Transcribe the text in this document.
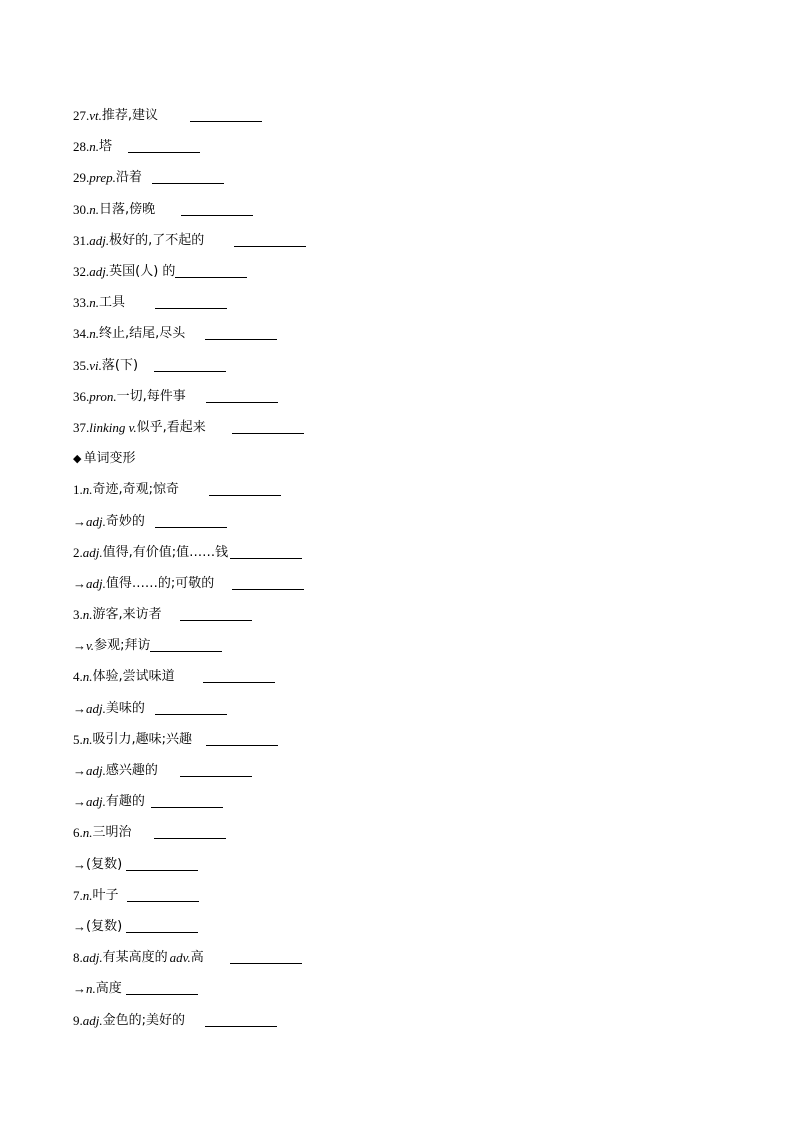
27. vt. 推荐,建议
28. n. 塔
29. prep. 沿着
30. n. 日落,傍晚
31. adj. 极好的,了不起的
32. adj. 英国(人) 的
33. n. 工具
34. n. 终止,结尾,尽头
35. vi. 落(下)
36. pron. 一切,每件事
37. linking v. 似乎,看起来
◆ 单词变形
1. n. 奇迹,奇观;惊奇
→ adj. 奇妙的
2. adj. 值得,有价值;值……钱
→ adj. 值得……的;可敬的
3. n. 游客,来访者
→ v. 参观;拜访
4. n. 体验,尝试味道
→ adj. 美味的
5. n. 吸引力,趣味;兴趣
→ adj. 感兴趣的
→ adj. 有趣的
6. n. 三明治
→ (复数)
7. n. 叶子
→ (复数)
8. adj. 有某高度的 adv. 高
→ n. 高度
9. adj. 金色的;美好的
